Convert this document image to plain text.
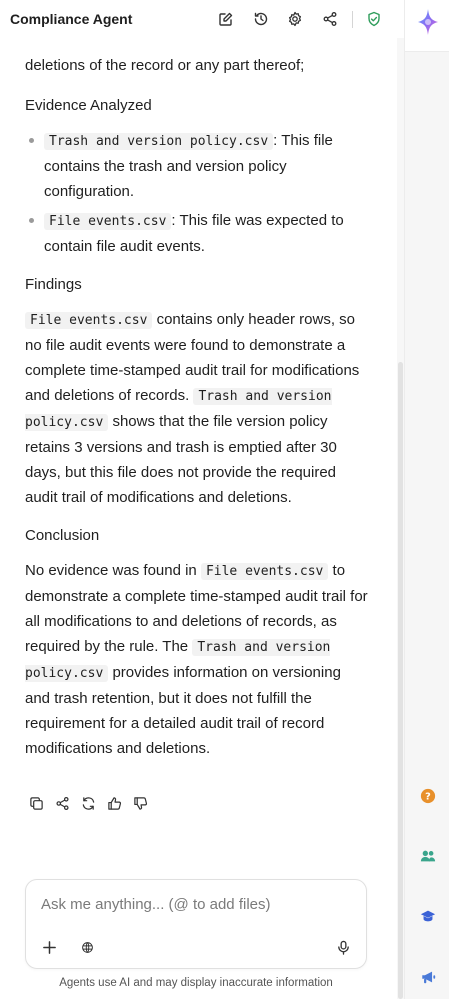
Compliance Agent
?

deletions of the record or any part thereof;

Evidence Analyzed
Trash and version policy.csv : This file contains the trash and version policy configuration.
File events.csv : This file was expected to contain file audit events.
Findings

File events.csv contains only header rows, so no file audit events were found to demonstrate a complete time-stamped audit trail for modifications and deletions of records. Trash and version policy.csv shows that the file version policy retains 3 versions and trash is emptied after 30 days, but this file does not provide the required audit trail of modifications and deletions.

Conclusion

No evidence was found in File events.csv to demonstrate a complete time-stamped audit trail for all modifications to and deletions of records, as required by the rule. The Trash and version policy.csv provides information on versioning and trash retention, but it does not fulfill the requirement for a detailed audit trail of record modifications and deletions.

Ask me anything... (@ to add files)
Agents use AI and may display inaccurate information
